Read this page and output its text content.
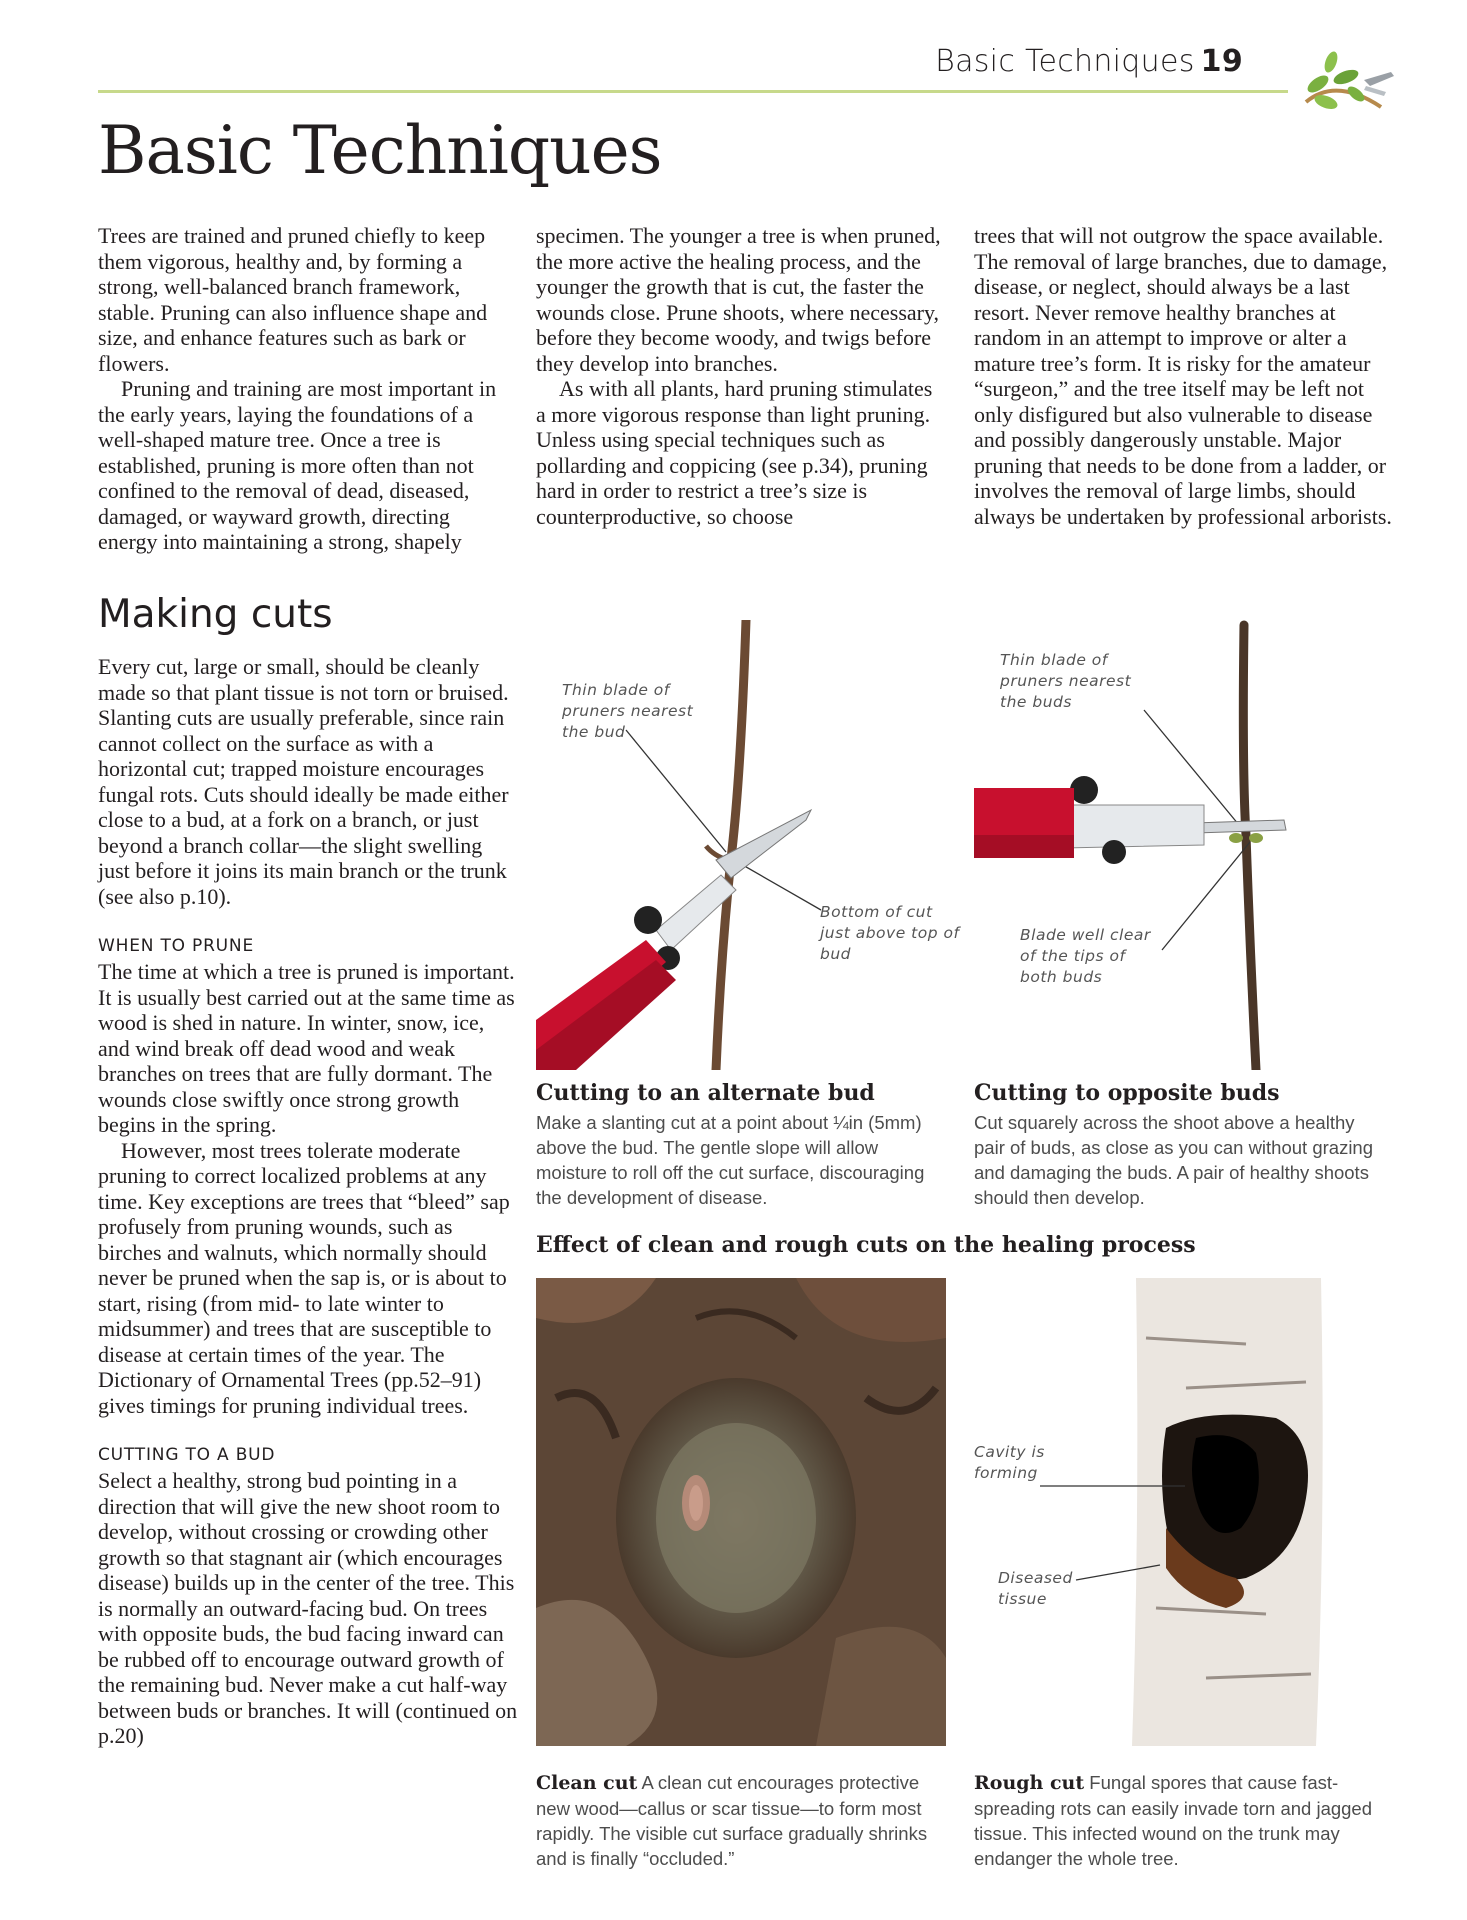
Basic Techniques 19
Basic Techniques

Trees are trained and pruned chiefly to keep them vigorous, healthy and, by forming a strong, well-balanced branch framework, stable. Pruning can also influence shape and size, and enhance features such as bark or flowers.

Pruning and training are most important in the early years, laying the foundations of a well-shaped mature tree. Once a tree is established, pruning is more often than not confined to the removal of dead, diseased, damaged, or wayward growth, directing energy into maintaining a strong, shapely

specimen. The younger a tree is when pruned, the more active the healing process, and the younger the growth that is cut, the faster the wounds close. Prune shoots, where necessary, before they become woody, and twigs before they develop into branches.

As with all plants, hard pruning stimulates a more vigorous response than light pruning. Unless using special techniques such as pollarding and coppicing (see p.34), pruning hard in order to restrict a tree’s size is counterproductive, so choose

trees that will not outgrow the space available. The removal of large branches, due to damage, disease, or neglect, should always be a last resort. Never remove healthy branches at random in an attempt to improve or alter a mature tree’s form. It is risky for the amateur “surgeon,” and the tree itself may be left not only disfigured but also vulnerable to disease and possibly dangerously unstable. Major pruning that needs to be done from a ladder, or involves the removal of large limbs, should always be undertaken by professional arborists.

Making cuts

Every cut, large or small, should be cleanly made so that plant tissue is not torn or bruised. Slanting cuts are usually preferable, since rain cannot collect on the surface as with a horizontal cut; trapped moisture encourages fungal rots. Cuts should ideally be made either close to a bud, at a fork on a branch, or just beyond a branch collar—the slight swelling just before it joins its main branch or the trunk (see also p.10).

WHEN TO PRUNE

The time at which a tree is pruned is important. It is usually best carried out at the same time as wood is shed in nature. In winter, snow, ice, and wind break off dead wood and weak branches on trees that are fully dormant. The wounds close swiftly once strong growth begins in the spring.

However, most trees tolerate moderate pruning to correct localized problems at any time. Key exceptions are trees that “bleed” sap profusely from pruning wounds, such as birches and walnuts, which normally should never be pruned when the sap is, or is about to start, rising (from mid- to late winter to midsummer) and trees that are susceptible to disease at certain times of the year. The Dictionary of Ornamental Trees (pp.52–91) gives timings for pruning individual trees.

CUTTING TO A BUD

Select a healthy, strong bud pointing in a direction that will give the new shoot room to develop, without crossing or crowding other growth so that stagnant air (which encourages disease) builds up in the center of the tree. This is normally an outward-facing bud. On trees with opposite buds, the bud facing inward can be rubbed off to encourage outward growth of the remaining bud. Never make a cut half-way between buds or branches. It will (continued on p.20)

Thin blade of pruners nearest the bud
Bottom of cut just above top of bud

Cutting to an alternate bud

Make a slanting cut at a point about ¼in (5mm) above the bud. The gentle slope will allow moisture to roll off the cut surface, discouraging the development of disease.
Thin blade of pruners nearest the buds
Blade well clear of the tips of both buds

Cutting to opposite buds

Cut squarely across the shoot above a healthy pair of buds, as close as you can without grazing and damaging the buds. A pair of healthy shoots should then develop.

Effect of clean and rough cuts on the healing process

Cavity is forming
Diseased tissue
Clean cut A clean cut encourages protective new wood—callus or scar tissue—to form most rapidly. The visible cut surface gradually shrinks and is finally “occluded.”
Rough cut Fungal spores that cause fast-spreading rots can easily invade torn and jagged tissue. This infected wound on the trunk may endanger the whole tree.
